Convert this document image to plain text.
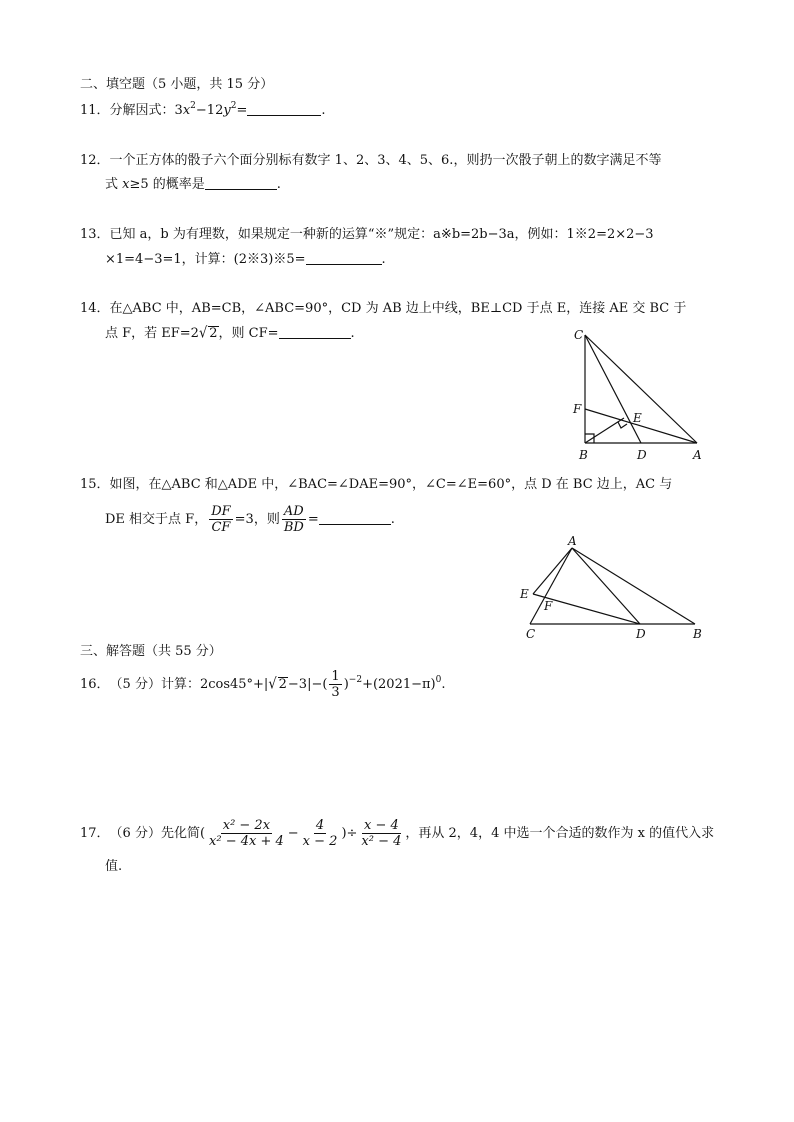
二、填空题（5 小题，共 15 分）
11．分解因式：$3x^2-12y^2=$	.
12．一个正方体的骰子六个面分别标有数字 1、2、3、4、5、6.，则扔一次骰子朝上的数字满足不等
式 x≥5 的概率是	.
13．已知 a，b 为有理数，如果规定一种新的运算“※”规定：a※b=2b−3a，例如：1※2=2×2−3
×1=4−3=1，计算：(2※3)※5=	.
14．在△ABC 中，AB=CB，∠ABC=90°，CD 为 AB 边上中线，BE⊥CD 于点 E，连接 AE 交 BC 于
点 F，若 EF=2√ 2，则 CF=	.	C
F
E
B	D	A
15．如图，在△ABC 和△ADE 中，∠BAC=∠DAE=90°，∠C=∠E=60°，点 D 在 BC 边上，AC 与
DE 相交于点 F， $\frac{DF}{CF} =3$，则 $\frac{AD}{BD}$ =	.
A
E
F
C	D	B
三、解答题（共 55 分）
16．（5 分）计算：2cos45°+|√ $2-3|-( \frac{1}{3} )^{-2}+(2021-\pi)^0$.
17．（6 分）先化简( $\frac{\text{x² − 2x}}{\text{x² − 4x + 4}} - \frac{4}{x - 2}$ )÷ $\frac{x - 4}{\text{x² − 4}}$ ，再从 2，4，4 中选一个合适的数作为 x 的值代入求
值.
